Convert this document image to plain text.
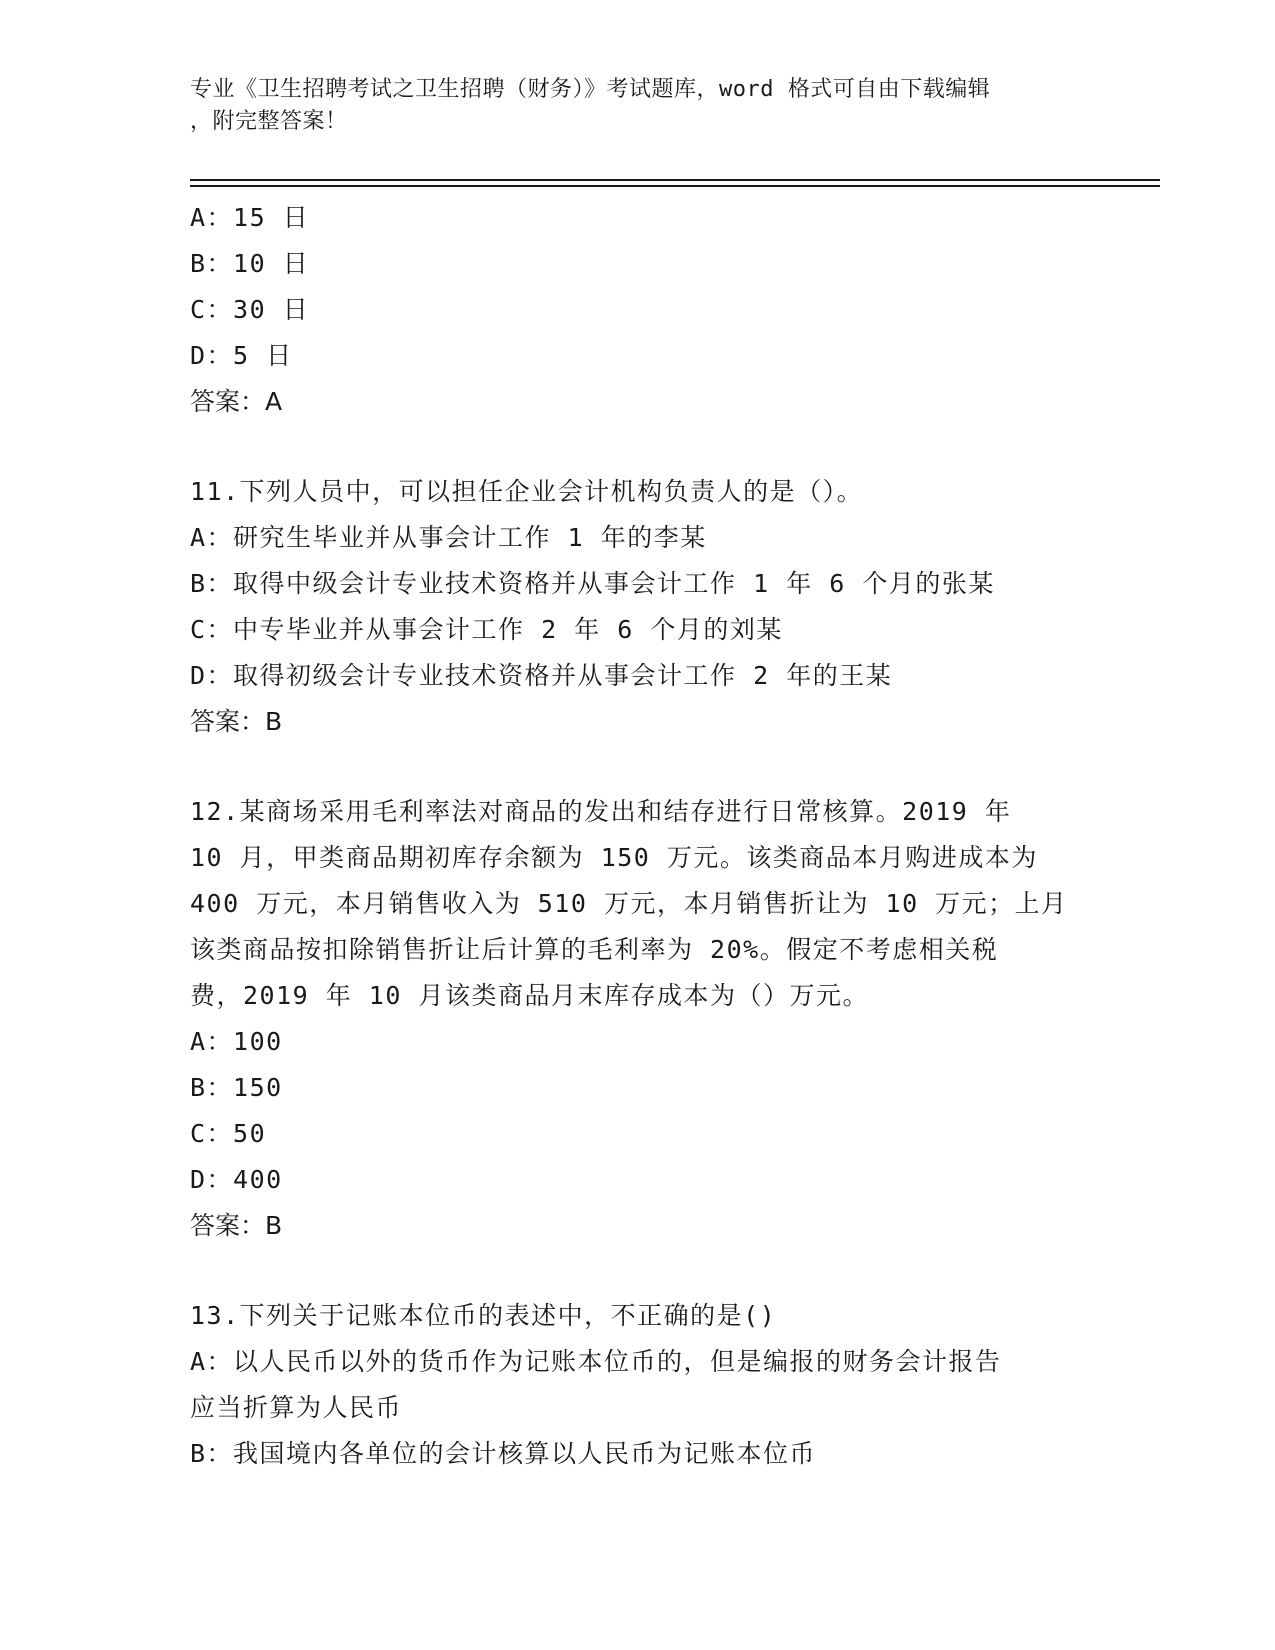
专业《卫生招聘考试之卫生招聘（财务）》考试题库，word 格式可自由下载编辑
，附完整答案！
A：15 日
B：10 日
C：30 日
D：5 日
答案：A
11.下列人员中，可以担任企业会计机构负责人的是（）。
A：研究生毕业并从事会计工作 1 年的李某
B：取得中级会计专业技术资格并从事会计工作 1 年 6 个月的张某
C：中专毕业并从事会计工作 2 年 6 个月的刘某
D：取得初级会计专业技术资格并从事会计工作 2 年的王某
答案：B
12.某商场采用毛利率法对商品的发出和结存进行日常核算。2019 年
10 月，甲类商品期初库存余额为 150 万元。该类商品本月购进成本为
400 万元，本月销售收入为 510 万元，本月销售折让为 10 万元；上月
该类商品按扣除销售折让后计算的毛利率为 20%。假定不考虑相关税
费，2019 年 10 月该类商品月末库存成本为（）万元。
A：100
B：150
C：50
D：400
答案：B
13.下列关于记账本位币的表述中，不正确的是()
A：以人民币以外的货币作为记账本位币的，但是编报的财务会计报告
应当折算为人民币
B：我国境内各单位的会计核算以人民币为记账本位币
